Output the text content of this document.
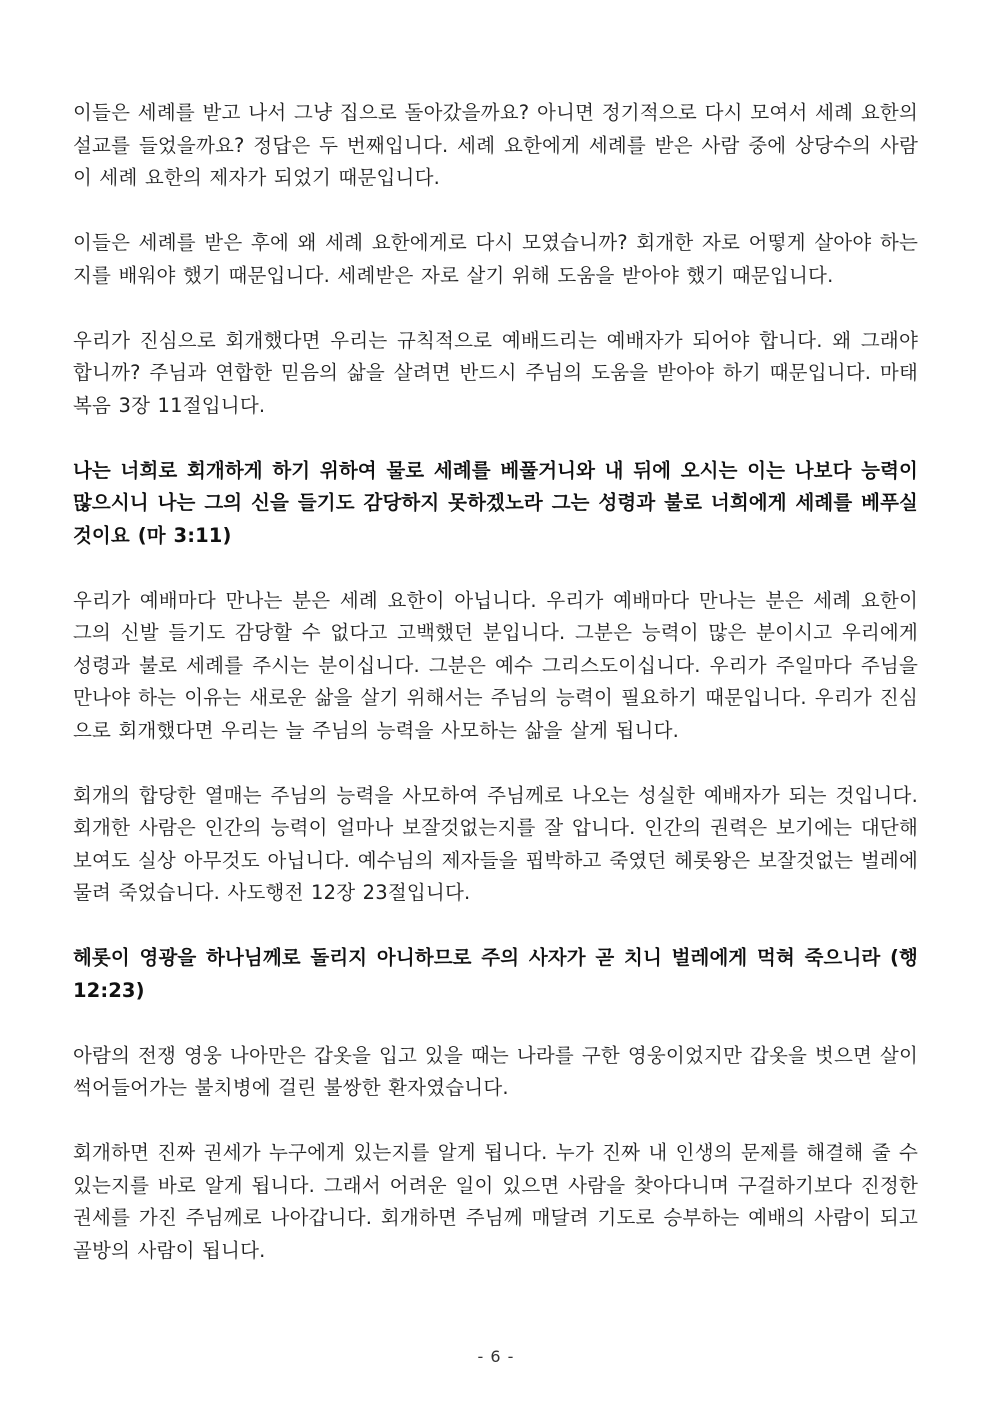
이들은 세례를 받고 나서 그냥 집으로 돌아갔을까요? 아니면 정기적으로 다시 모여서 세례 요한의 설교를 들었을까요? 정답은 두 번째입니다. 세례 요한에게 세례를 받은 사람 중에 상당수의 사람이 세례 요한의 제자가 되었기 때문입니다.

이들은 세례를 받은 후에 왜 세례 요한에게로 다시 모였습니까? 회개한 자로 어떻게 살아야 하는지를 배워야 했기 때문입니다. 세례받은 자로 살기 위해 도움을 받아야 했기 때문입니다.

우리가 진심으로 회개했다면 우리는 규칙적으로 예배드리는 예배자가 되어야 합니다. 왜 그래야 합니까? 주님과 연합한 믿음의 삶을 살려면 반드시 주님의 도움을 받아야 하기 때문입니다. 마태복음 3장 11절입니다.

나는 너희로 회개하게 하기 위하여 물로 세례를 베풀거니와 내 뒤에 오시는 이는 나보다 능력이 많으시니 나는 그의 신을 들기도 감당하지 못하겠노라 그는 성령과 불로 너희에게 세례를 베푸실 것이요 (마 3:11)

우리가 예배마다 만나는 분은 세례 요한이 아닙니다. 우리가 예배마다 만나는 분은 세례 요한이 그의 신발 들기도 감당할 수 없다고 고백했던 분입니다. 그분은 능력이 많은 분이시고 우리에게 성령과 불로 세례를 주시는 분이십니다. 그분은 예수 그리스도이십니다. 우리가 주일마다 주님을 만나야 하는 이유는 새로운 삶을 살기 위해서는 주님의 능력이 필요하기 때문입니다. 우리가 진심으로 회개했다면 우리는 늘 주님의 능력을 사모하는 삶을 살게 됩니다.

회개의 합당한 열매는 주님의 능력을 사모하여 주님께로 나오는 성실한 예배자가 되는 것입니다. 회개한 사람은 인간의 능력이 얼마나 보잘것없는지를 잘 압니다. 인간의 권력은 보기에는 대단해 보여도 실상 아무것도 아닙니다. 예수님의 제자들을 핍박하고 죽였던 헤롯왕은 보잘것없는 벌레에 물려 죽었습니다. 사도행전 12장 23절입니다.

헤롯이 영광을 하나님께로 돌리지 아니하므로 주의 사자가 곧 치니 벌레에게 먹혀 죽으니라 (행 12:23)

아람의 전쟁 영웅 나아만은 갑옷을 입고 있을 때는 나라를 구한 영웅이었지만 갑옷을 벗으면 살이 썩어들어가는 불치병에 걸린 불쌍한 환자였습니다.

회개하면 진짜 권세가 누구에게 있는지를 알게 됩니다. 누가 진짜 내 인생의 문제를 해결해 줄 수 있는지를 바로 알게 됩니다. 그래서 어려운 일이 있으면 사람을 찾아다니며 구걸하기보다 진정한 권세를 가진 주님께로 나아갑니다. 회개하면 주님께 매달려 기도로 승부하는 예배의 사람이 되고 골방의 사람이 됩니다.

- 6 -
